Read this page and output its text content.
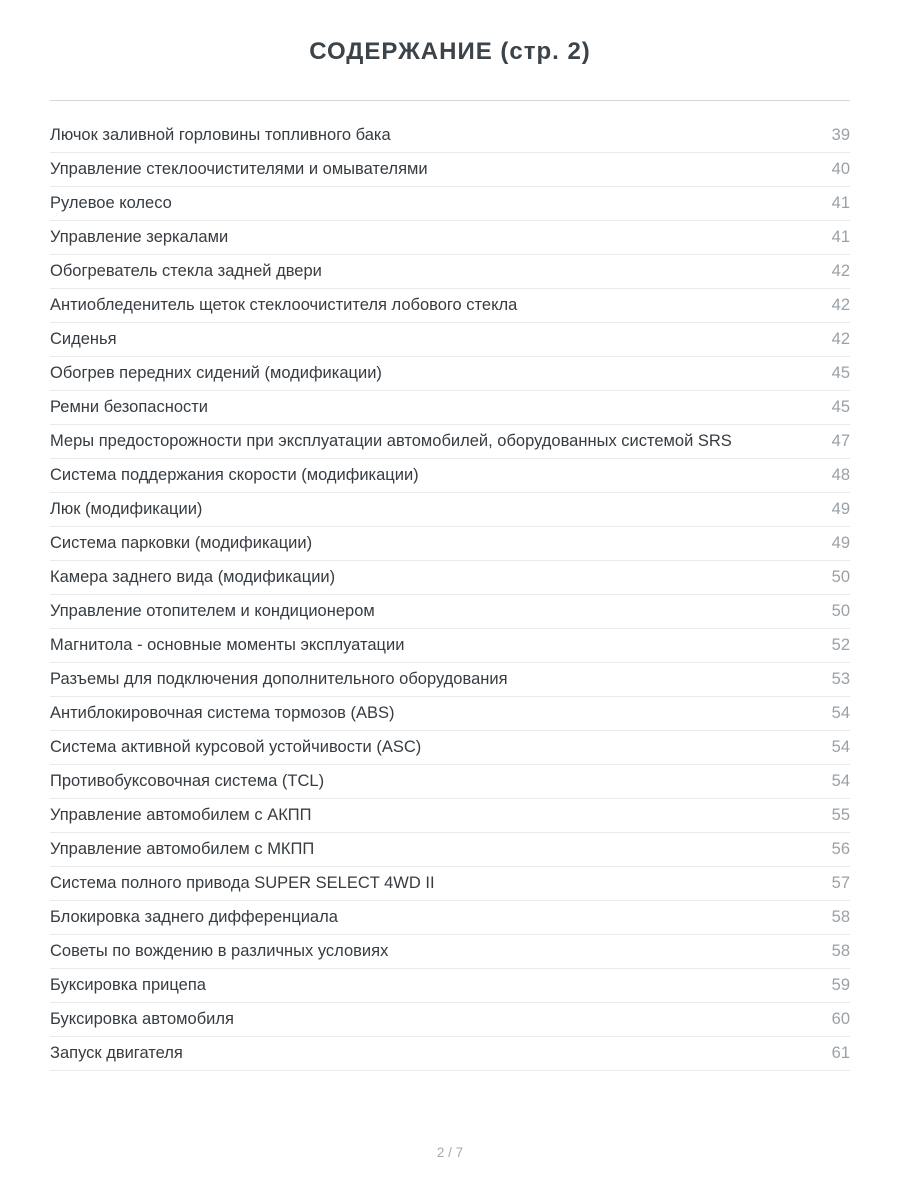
СОДЕРЖАНИЕ (стр. 2)
Лючок заливной горловины топливного бака	39
Управление стеклоочистителями и омывателями	40
Рулевое колесо	41
Управление зеркалами	41
Обогреватель стекла задней двери	42
Антиобледенитель щеток стеклоочистителя лобового стекла	42
Сиденья	42
Обогрев передних сидений (модификации)	45
Ремни безопасности	45
Меры предосторожности при эксплуатации автомобилей, оборудованных системой SRS	47
Система поддержания скорости (модификации)	48
Люк (модификации)	49
Система парковки (модификации)	49
Камера заднего вида (модификации)	50
Управление отопителем и кондиционером	50
Магнитола - основные моменты эксплуатации	52
Разъемы для подключения дополнительного оборудования	53
Антиблокировочная система тормозов (ABS)	54
Система активной курсовой устойчивости (ASC)	54
Противобуксовочная система (TCL)	54
Управление автомобилем с АКПП	55
Управление автомобилем с МКПП	56
Система полного привода SUPER SELECT 4WD II	57
Блокировка заднего дифференциала	58
Советы по вождению в различных условиях	58
Буксировка прицепа	59
Буксировка автомобиля	60
Запуск двигателя	61
2 / 7
